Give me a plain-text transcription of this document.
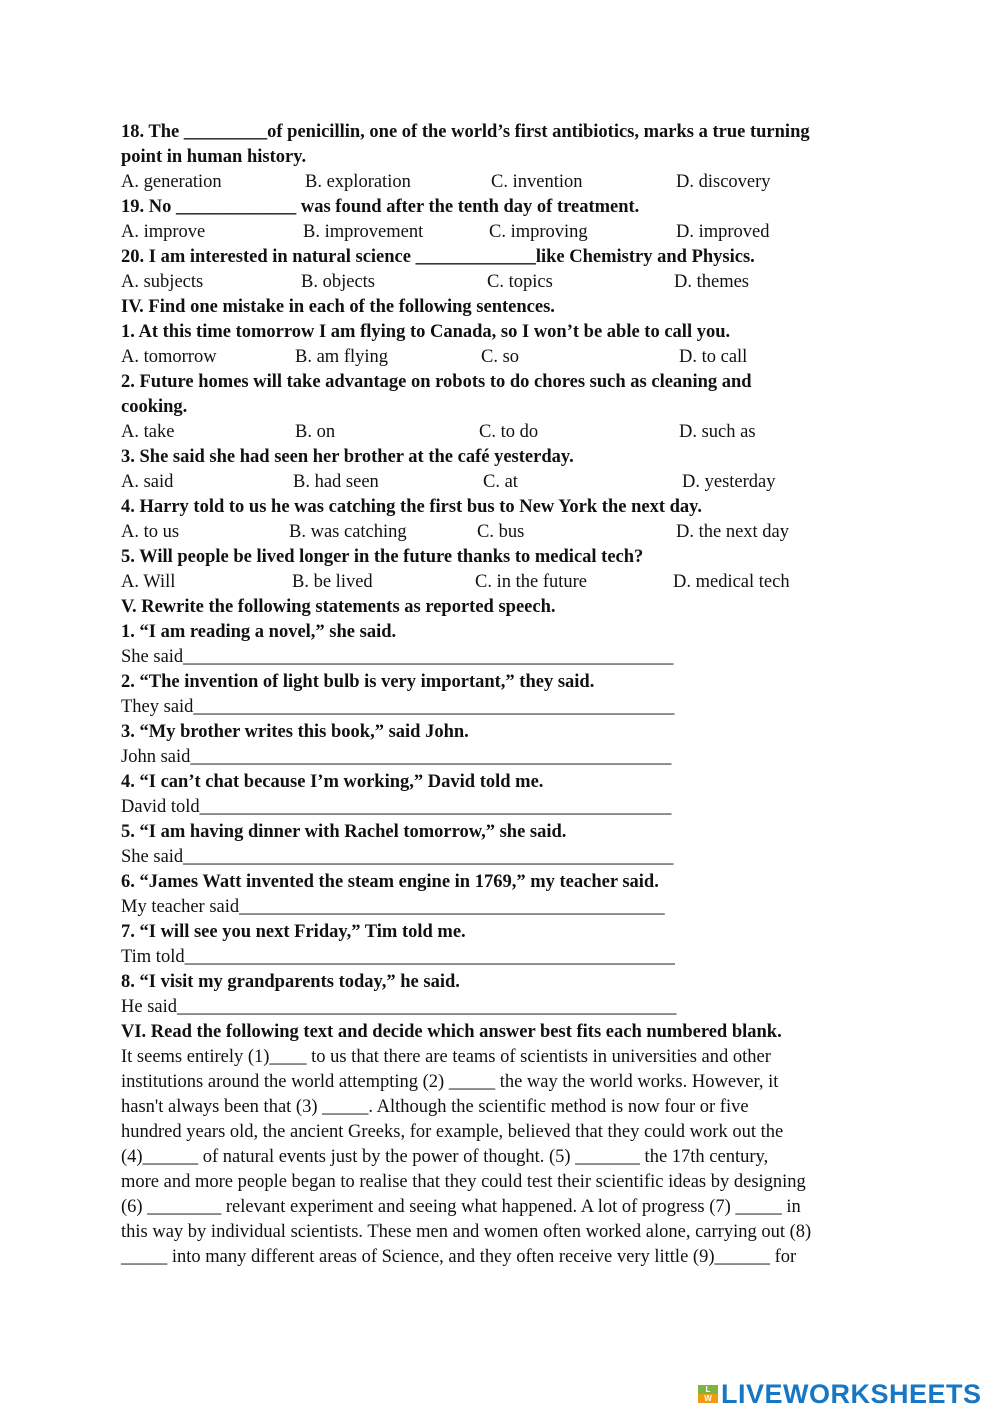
18. The _________of penicillin, one of the world’s first antibiotics, marks a true turning
point in human history.
A. generation	B. exploration	C. invention	D. discovery
19. No _____________ was found after the tenth day of treatment.
A. improve	B. improvement	C. improving	D. improved
20. I am interested in natural science _____________like Chemistry and Physics.
A. subjects	B. objects	C. topics	D. themes
IV. Find one mistake in each of the following sentences.
1. At this time tomorrow I am flying to Canada, so I won’t be able to call you.
A. tomorrow	B. am flying	C. so	D. to call
2. Future homes will take advantage on robots to do chores such as cleaning and
cooking.
A. take	B. on	C. to do	D. such as
3. She said she had seen her brother at the café yesterday.
A. said	B. had seen	C. at	D. yesterday
4. Harry told to us he was catching the first bus to New York the next day.
A. to us	B. was catching	C. bus	D. the next day
5. Will people be lived longer in the future thanks to medical tech?
A. Will	B. be lived	C. in the future	D. medical tech
V. Rewrite the following statements as reported speech.
1. “I am reading a novel,” she said.
She said_____________________________________________________
2. “The invention of light bulb is very important,” they said.
They said____________________________________________________
3. “My brother writes this book,” said John.
John said____________________________________________________
4. “I can’t chat because I’m working,” David told me.
David told___________________________________________________
5. “I am having dinner with Rachel tomorrow,” she said.
She said_____________________________________________________
6. “James Watt invented the steam engine in 1769,” my teacher said.
My teacher said______________________________________________
7. “I will see you next Friday,” Tim told me.
Tim told_____________________________________________________
8. “I visit my grandparents today,” he said.
He said______________________________________________________
VI. Read the following text and decide which answer best fits each numbered blank.
It seems entirely (1)____ to us that there are teams of scientists in universities and other
institutions around the world attempting (2) _____ the way the world works. However, it
hasn't always been that (3) _____. Although the scientific method is now four or five
hundred years old, the ancient Greeks, for example, believed that they could work out the
(4)______ of natural events just by the power of thought. (5) _______ the 17th century,
more and more people began to realise that they could test their scientific ideas by designing
(6) ________ relevant experiment and seeing what happened. A lot of progress (7) _____ in
this way by individual scientists. These men and women often worked alone, carrying out (8)
_____ into many different areas of Science, and they often receive very little (9)______ for
L
W LIVEWORKSHEETS
